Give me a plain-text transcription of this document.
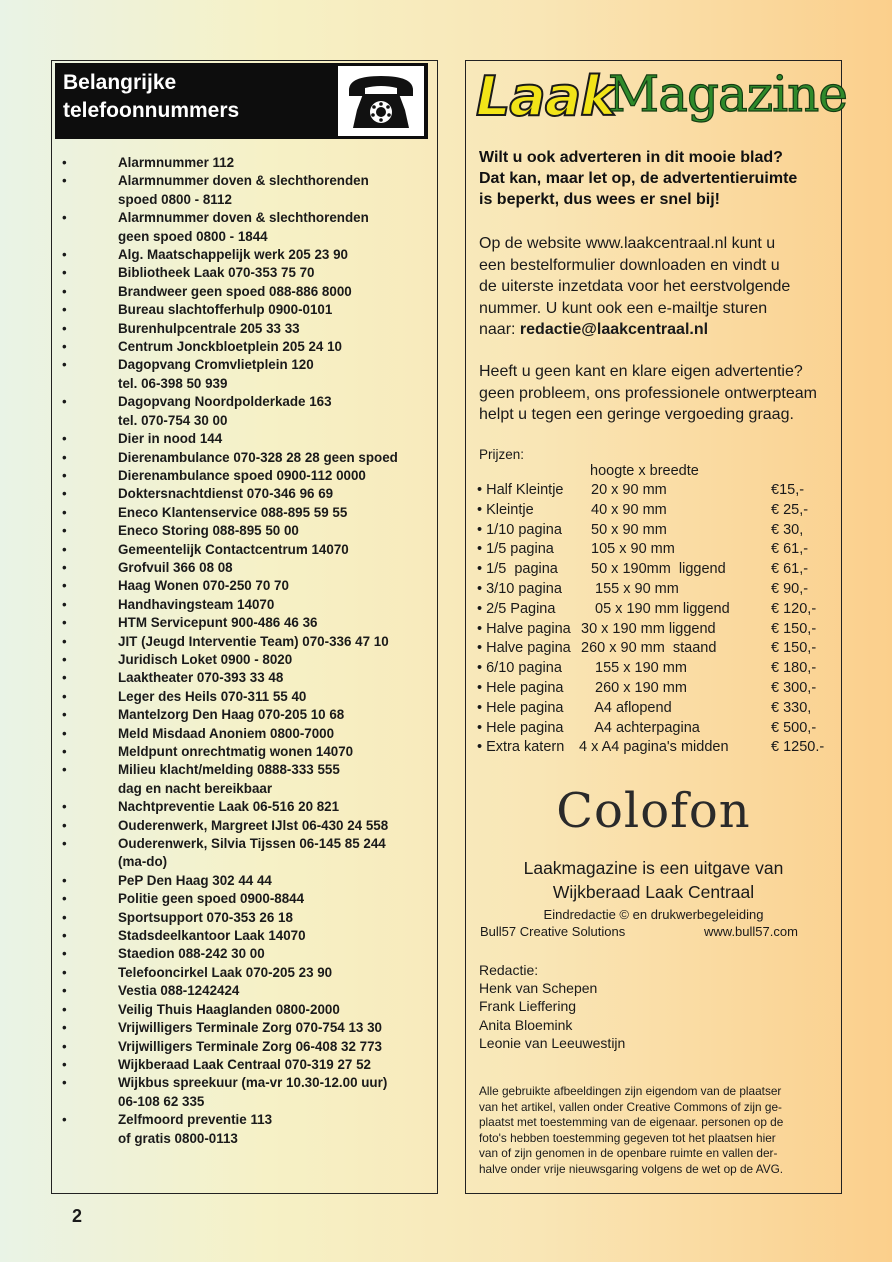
Belangrijke
telefoonnummers
• Alarmnummer 112
• Alarmnummer doven & slechthorenden
spoed 0800 - 8112
• Alarmnummer doven & slechthorenden
geen spoed 0800 - 1844
• Alg. Maatschappelijk werk 205 23 90
• Bibliotheek Laak 070-353 75 70
• Brandweer geen spoed 088-886 8000
• Bureau slachtofferhulp 0900-0101
• Burenhulpcentrale 205 33 33
• Centrum Jonckbloetplein 205 24 10
• Dagopvang Cromvlietplein 120
tel. 06-398 50 939
• Dagopvang Noordpolderkade 163
tel. 070-754 30 00
• Dier in nood 144
• Dierenambulance 070-328 28 28 geen spoed
• Dierenambulance spoed 0900-112 0000
• Doktersnachtdienst 070-346 96 69
• Eneco Klantenservice 088-895 59 55
• Eneco Storing 088-895 50 00
• Gemeentelijk Contactcentrum 14070
• Grofvuil 366 08 08
• Haag Wonen 070-250 70 70
• Handhavingsteam 14070
• HTM Servicepunt 900-486 46 36
• JIT (Jeugd Interventie Team) 070-336 47 10
• Juridisch Loket 0900 - 8020
• Laaktheater 070-393 33 48
• Leger des Heils 070-311 55 40
• Mantelzorg Den Haag 070-205 10 68
• Meld Misdaad Anoniem 0800-7000
• Meldpunt onrechtmatig wonen 14070
• Milieu klacht/melding 0888-333 555
dag en nacht bereikbaar
• Nachtpreventie Laak 06-516 20 821
• Ouderenwerk, Margreet IJlst 06-430 24 558
• Ouderenwerk, Silvia Tijssen 06-145 85 244
(ma-do)
• PeP Den Haag 302 44 44
• Politie geen spoed 0900-8844
• Sportsupport 070-353 26 18
• Stadsdeelkantoor Laak 14070
• Staedion 088-242 30 00
• Telefooncirkel Laak 070-205 23 90
• Vestia 088-1242424
• Veilig Thuis Haaglanden 0800-2000
• Vrijwilligers Terminale Zorg 070-754 13 30
• Vrijwilligers Terminale Zorg 06-408 32 773
• Wijkberaad Laak Centraal 070-319 27 52
• Wijkbus spreekuur (ma-vr 10.30-12.00 uur)
06-108 62 335
• Zelfmoord preventie 113
of gratis 0800-0113
2
Laak
Magazine
Wilt u ook adverteren in dit mooie blad?
Dat kan, maar let op, de advertentieruimte
is beperkt, dus wees er snel bij!
Op de website www.laakcentraal.nl kunt u
een bestelformulier downloaden en vindt u
de uiterste inzetdata voor het eerstvolgende
nummer. U kunt ook een e-mailtje sturen
naar: redactie@laakcentraal.nl
Heeft u geen kant en klare eigen advertentie?
geen probleem, ons professionele ontwerpteam
helpt u tegen een geringe vergoeding graag.
Prijzen:
hoogte x breedte
• Half Kleintje 20 x 90 mm	€15,-
• Kleintje	40 x 90 mm	€ 25,-
• 1/10 pagina 50 x 90 mm	€ 30,
• 1/5 pagina	105 x 90 mm	€ 61,-
• 1/5  pagina 50 x 190mm  liggend	€ 61,-
• 3/10 pagina 155 x 90 mm	€ 90,-
• 2/5 Pagina 05 x 190 mm liggend	€ 120,-
• Halve pagina 30 x 190 mm liggend	€ 150,-
• Halve pagina 260 x 90 mm  staand	€ 150,-
• 6/10 pagina 155 x 190 mm	€ 180,-
• Hele pagina 260 x 190 mm	€ 300,-
• Hele pagina A4 aflopend	€ 330,
• Hele pagina A4 achterpagina	€ 500,-
• Extra katern 4 x A4 pagina's midden	€ 1250.-
Colofon
Laakmagazine is een uitgave van
Wijkberaad Laak Centraal
Eindredactie © en drukwerbegeleiding
Bull57 Creative Solutions	www.bull57.com
Redactie:
Henk van Schepen
Frank Lieffering
Anita Bloemink
Leonie van Leeuwestijn
Alle gebruikte afbeeldingen zijn eigendom van de plaatser
van het artikel, vallen onder Creative Commons of zijn ge-
plaatst met toestemming van de eigenaar. personen op de
foto's hebben toestemming gegeven tot het plaatsen hier
van of zijn genomen in de openbare ruimte en vallen der-
halve onder vrije nieuwsgaring volgens de wet op de AVG.
